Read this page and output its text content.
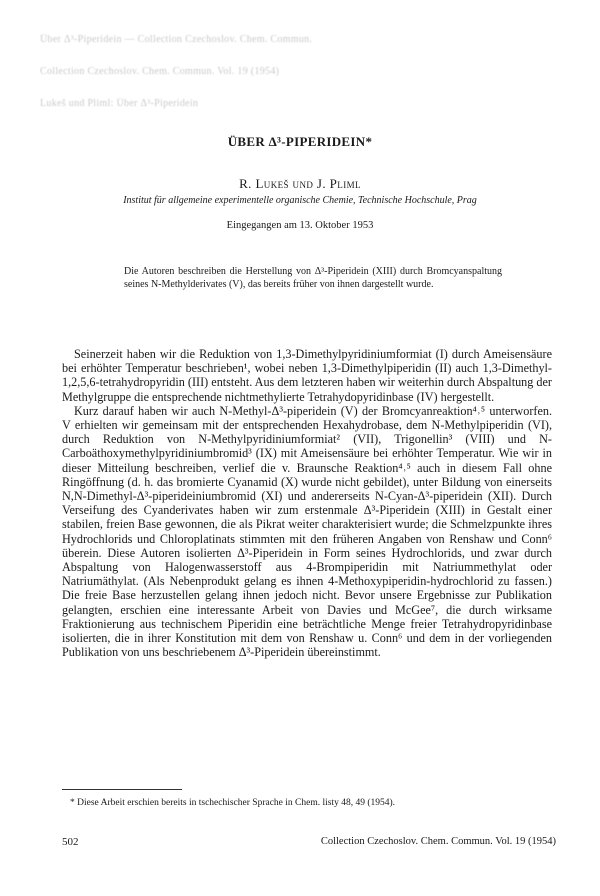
Über Δ³-Piperidein — Collection Czechoslov. Chem. Commun.
Collection Czechoslov. Chem. Commun. Vol. 19 (1954)
Lukeš und Pliml: Über Δ³-Piperidein
ÜBER Δ³-PIPERIDEIN*
R. Lukeš und J. Pliml
Institut für allgemeine experimentelle organische Chemie, Technische Hochschule, Prag
Eingegangen am 13. Oktober 1953
Die Autoren beschreiben die Herstellung von Δ³-Piperidein (XIII) durch Bromcyanspaltung seines N-Methylderivates (V), das bereits früher von ihnen dargestellt wurde.

Seinerzeit haben wir die Reduktion von 1,3-Dimethylpyridiniumformiat (I) durch Ameisensäure bei erhöhter Temperatur beschrieben¹, wobei neben 1,3-Dimethylpiperidin (II) auch 1,3-Dimethyl-1,2,5,6-tetrahydropyridin (III) entsteht. Aus dem letzteren haben wir weiterhin durch Abspaltung der Methylgruppe die entsprechende nichtmethylierte Tetrahydopyridinbase (IV) hergestellt.

Kurz darauf haben wir auch N-Methyl-Δ³-piperidein (V) der Bromcyanreaktion⁴˒⁵ unterworfen. V erhielten wir gemeinsam mit der entsprechenden Hexahydrobase, dem N-Methylpiperidin (VI), durch Reduktion von N-Methylpyridiniumformiat² (VII), Trigonellin³ (VIII) und N-Carboäthoxymethylpyridiniumbromid³ (IX) mit Ameisensäure bei erhöhter Temperatur. Wie wir in dieser Mitteilung beschreiben, verlief die v. Braunsche Reaktion⁴˒⁵ auch in diesem Fall ohne Ringöffnung (d. h. das bromierte Cyanamid (X) wurde nicht gebildet), unter Bildung von einerseits N,N-Dimethyl-Δ³-piperideiniumbromid (XI) und andererseits N-Cyan-Δ³-piperidein (XII). Durch Verseifung des Cyanderivates haben wir zum erstenmale Δ³-Piperidein (XIII) in Gestalt einer stabilen, freien Base gewonnen, die als Pikrat weiter charakterisiert wurde; die Schmelzpunkte ihres Hydrochlorids und Chloroplatinats stimmten mit den früheren Angaben von Renshaw und Conn⁶ überein. Diese Autoren isolierten Δ³-Piperidein in Form seines Hydrochlorids, und zwar durch Abspaltung von Halogenwasserstoff aus 4-Brompiperidin mit Natriummethylat oder Natriumäthylat. (Als Nebenprodukt gelang es ihnen 4-Methoxypiperidin-hydrochlorid zu fassen.) Die freie Base herzustellen gelang ihnen jedoch nicht. Bevor unsere Ergebnisse zur Publikation gelangten, erschien eine interessante Arbeit von Davies und McGee⁷, die durch wirksame Fraktionierung aus technischem Piperidin eine beträchtliche Menge freier Tetrahydropyridinbase isolierten, die in ihrer Konstitution mit dem von Renshaw u. Conn⁶ und dem in der vorliegenden Publikation von uns beschriebenem Δ³-Piperidein übereinstimmt.

* Diese Arbeit erschien bereits in tschechischer Sprache in Chem. listy 48, 49 (1954).
502	Collection Czechoslov. Chem. Commun. Vol. 19 (1954)
